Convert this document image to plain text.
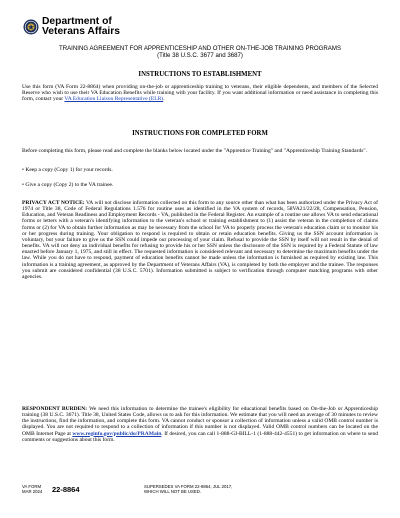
Department of
Veterans Affairs
TRAINING AGREEMENT FOR APPRENTICESHIP AND OTHER ON-THE-JOB TRAINING PROGRAMS
(Title 38 U.S.C. 3677 and 3687)
INSTRUCTIONS TO ESTABLISHMENT
Use this form (VA Form 22-8864) when providing on-the-job or apprenticeship training to veterans, their eligible dependents, and members of the Selected Reserve who wish to use their VA Education Benefits while training with your facility. If you want additional information or need assistance in completing this form, contact your VA Education Liaison Representative (ELR).
INSTRUCTIONS FOR COMPLETED FORM
Before completing this form, please read and complete the blanks below located under the "Apprentice Training" and "Apprenticeship Training Standards".
• Keep a copy (Copy 1) for your records.
• Give a copy (Copy 2) to the VA trainee.
PRIVACY ACT NOTICE: VA will not disclose information collected on this form to any source other than what has been authorized under the Privacy Act of 1974 or Title 38, Code of Federal Regulations 1.576 for routine uses as identified in the VA system of records, 58VA21/22/28, Compensation, Pension, Education, and Veteran Readiness and Employment Records - VA, published in the Federal Register. An example of a routine use allows VA to send educational forms or letters with a veteran's identifying information to the veteran's school or training establishment to (1) assist the veteran in the completion of claims forms or (2) for VA to obtain further information as may be necessary from the school for VA to properly process the veteran's education claim or to monitor his or her progress during training. Your obligation to respond is required to obtain or retain education benefits. Giving us the SSN account information is voluntary, but your failure to give us the SSN could impede our processing of your claim. Refusal to provide the SSN by itself will not result in the denial of benefits. VA will not deny an individual benefits for refusing to provide his or her SSN unless the disclosure of the SSN is required by a Federal Statute of law enacted before January 1, 1975, and still in effect. The requested information is considered relevant and necessary to determine the maximum benefits under the law. While you do not have to respond, payment of education benefits cannot be made unless the information is furnished as required by existing law. This information is a training agreement, as approved by the Department of Veterans Affairs (VA), is completed by both the employer and the trainee. The responses you submit are considered confidential (38 U.S.C. 5701). Information submitted is subject to verification through computer matching programs with other agencies.
RESPONDENT BURDEN: We need this information to determine the trainee's eligibility for educational benefits based on On-the-Job or Apprenticeship training (38 U.S.C. 3671). Title 38, United States Code, allows us to ask for this information. We estimate that you will need an average of 30 minutes to review the instructions, find the information, and complete this form. VA cannot conduct or sponsor a collection of information unless a valid OMB control number is displayed. You are not required to respond to a collection of information if this number is not displayed. Valid OMB control numbers can be located on the OMB Internet Page at www.reginfo.gov/public/do/PRAMain. If desired, you can call 1-888-GI-BILL-1 (1-888-442-4551) to get information on where to send comments or suggestions about this form.
VA FORM
MAR 2024 22-8864	SUPERSEDES VA FORM 22-8864, JUL 2017,
WHICH WILL NOT BE USED.
